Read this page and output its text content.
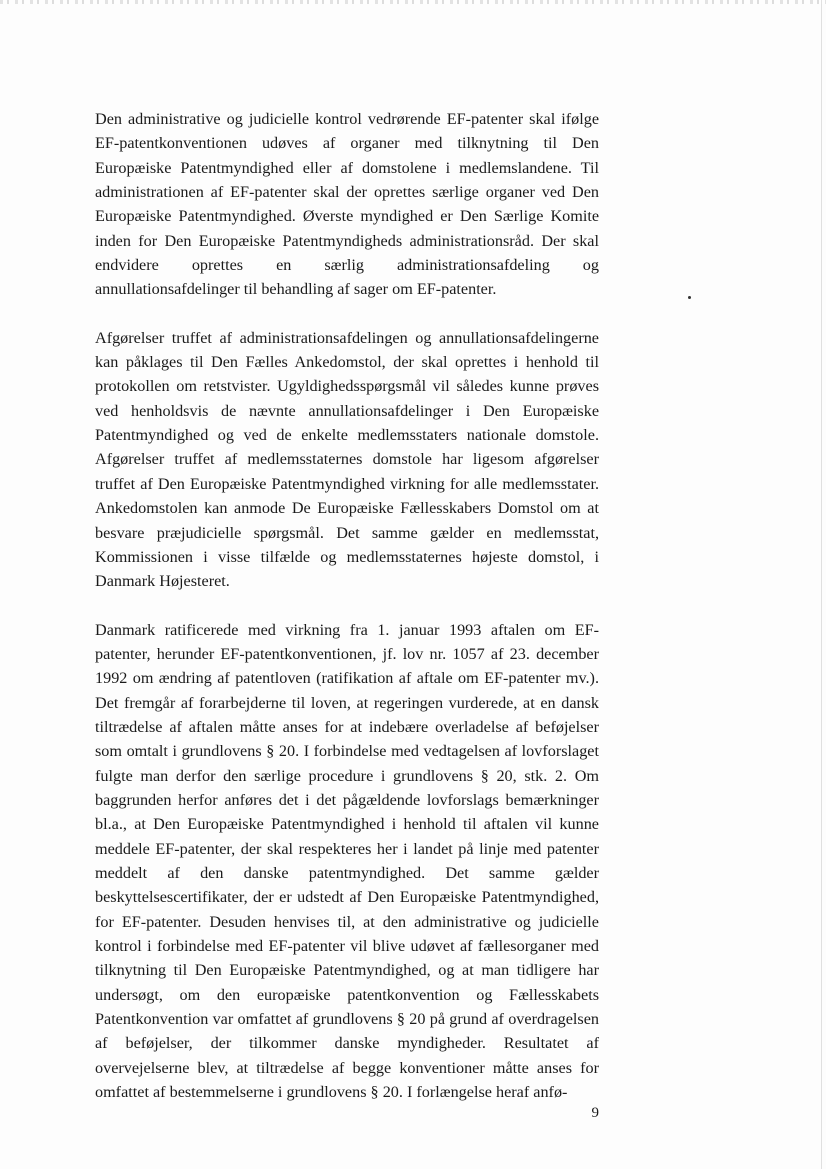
Den administrative og judicielle kontrol vedrørende EF-patenter skal ifølge EF-patentkonventionen udøves af organer med tilknytning til Den Europæiske Patentmyndighed eller af domstolene i medlemslandene. Til administrationen af EF-patenter skal der oprettes særlige organer ved Den Europæiske Patentmyndighed. Øverste myndighed er Den Særlige Komite inden for Den Europæiske Patentmyndigheds administrationsråd. Der skal endvidere oprettes en særlig administrationsafdeling og annullationsafdelinger til behandling af sager om EF-patenter.

Afgørelser truffet af administrationsafdelingen og annullationsafdelingerne kan påklages til Den Fælles Ankedomstol, der skal oprettes i henhold til protokollen om retstvister. Ugyldighedsspørgsmål vil således kunne prøves ved henholdsvis de nævnte annullationsafdelinger i Den Europæiske Patentmyndighed og ved de enkelte medlemsstaters nationale domstole. Afgørelser truffet af medlemsstaternes domstole har ligesom afgørelser truffet af Den Europæiske Patentmyndighed virkning for alle medlemsstater. Ankedomstolen kan anmode De Europæiske Fællesskabers Domstol om at besvare præjudicielle spørgsmål. Det samme gælder en medlemsstat, Kommissionen i visse tilfælde og medlemsstaternes højeste domstol, i Danmark Højesteret.

Danmark ratificerede med virkning fra 1. januar 1993 aftalen om EF-patenter, herunder EF-patentkonventionen, jf. lov nr. 1057 af 23. december 1992 om ændring af patentloven (ratifikation af aftale om EF-patenter mv.). Det fremgår af forarbejderne til loven, at regeringen vurderede, at en dansk tiltrædelse af aftalen måtte anses for at indebære overladelse af beføjelser som omtalt i grundlovens § 20. I forbindelse med vedtagelsen af lovforslaget fulgte man derfor den særlige procedure i grundlovens § 20, stk. 2. Om baggrunden herfor anføres det i det pågældende lovforslags bemærkninger bl.a., at Den Europæiske Patentmyndighed i henhold til aftalen vil kunne meddele EF-patenter, der skal respekteres her i landet på linje med patenter meddelt af den danske patentmyndighed. Det samme gælder beskyttelsescertifikater, der er udstedt af Den Europæiske Patentmyndighed, for EF-patenter. Desuden henvises til, at den administrative og judicielle kontrol i forbindelse med EF-patenter vil blive udøvet af fællesorganer med tilknytning til Den Europæiske Patentmyndighed, og at man tidligere har undersøgt, om den europæiske patentkonvention og Fællesskabets Patentkonvention var omfattet af grundlovens § 20 på grund af overdragelsen af beføjelser, der tilkommer danske myndigheder. Resultatet af overvejelserne blev, at tiltrædelse af begge konventioner måtte anses for omfattet af bestemmelserne i grundlovens § 20. I forlængelse heraf anfø-

9
